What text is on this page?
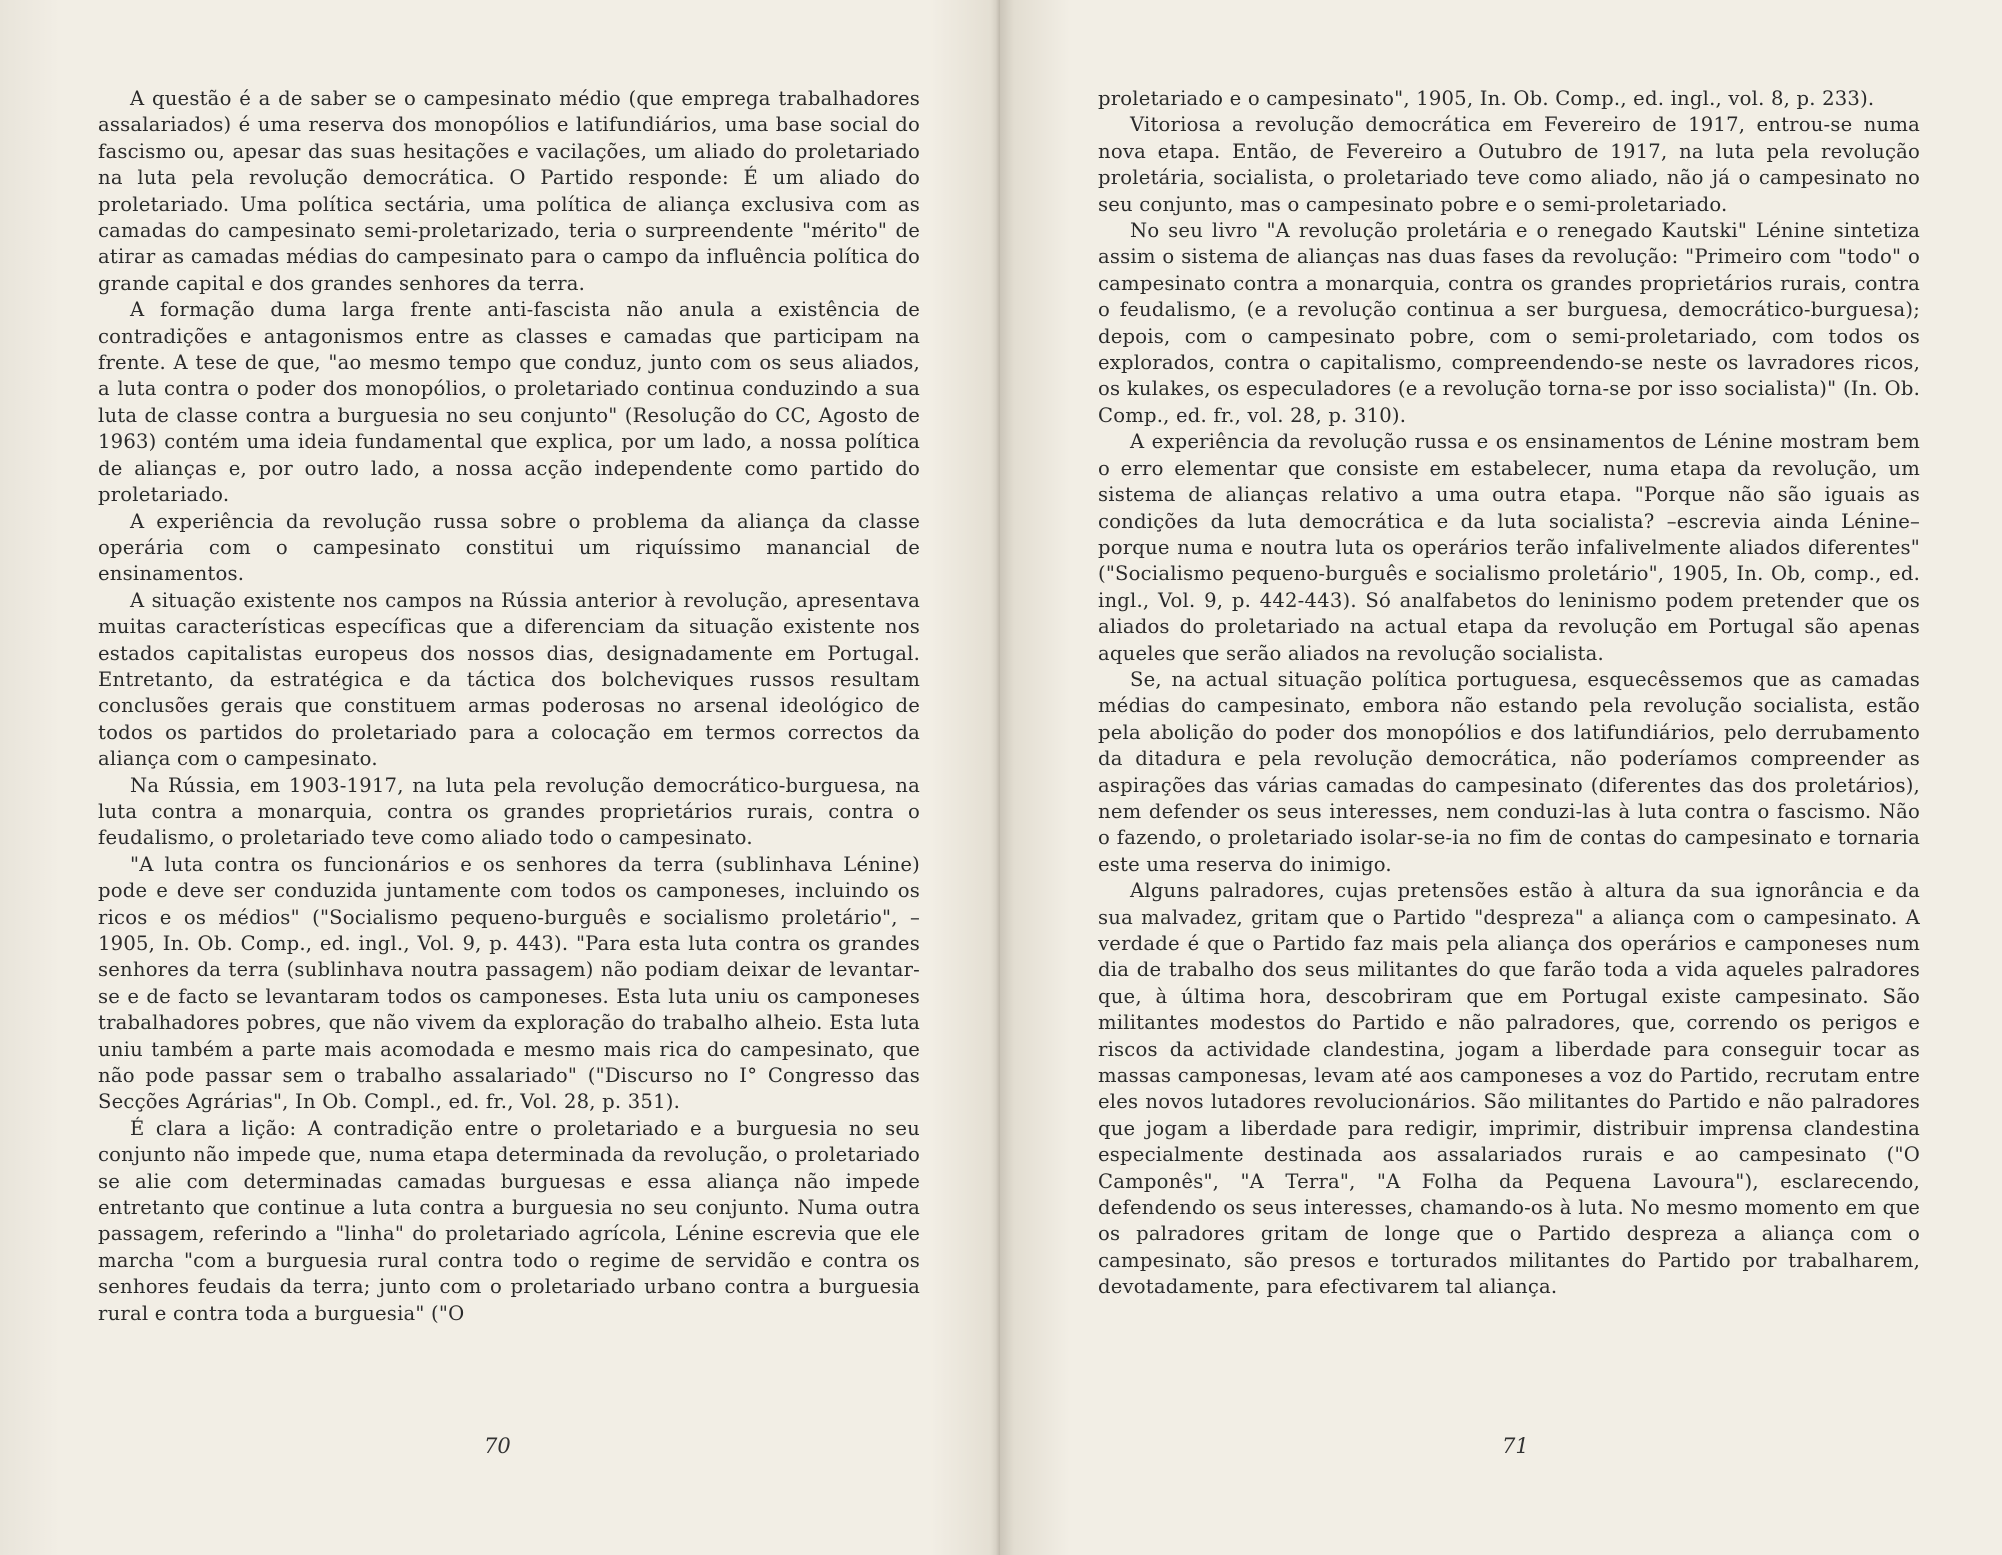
A questão é a de saber se o campesinato médio (que emprega trabalhadores assalariados) é uma reserva dos monopólios e latifundiários, uma base social do fascismo ou, apesar das suas hesitações e vacilações, um aliado do proletariado na luta pela revolução democrática. O Partido responde: É um aliado do proletariado. Uma política sectária, uma política de aliança exclusiva com as camadas do campesinato semi-proletarizado, teria o surpreendente "mérito" de atirar as camadas médias do campesinato para o campo da influência política do grande capital e dos grandes senhores da terra.

A formação duma larga frente anti-fascista não anula a existência de contradições e antagonismos entre as classes e camadas que participam na frente. A tese de que, "ao mesmo tempo que conduz, junto com os seus aliados, a luta contra o poder dos monopólios, o proletariado continua conduzindo a sua luta de classe contra a burguesia no seu conjunto" (Resolução do CC, Agosto de 1963) contém uma ideia fundamental que explica, por um lado, a nossa política de alianças e, por outro lado, a nossa acção independente como partido do proletariado.

A experiência da revolução russa sobre o problema da aliança da classe operária com o campesinato constitui um riquíssimo manancial de ensinamentos.

A situação existente nos campos na Rússia anterior à revolução, apresentava muitas características específicas que a diferenciam da situação existente nos estados capitalistas europeus dos nossos dias, designadamente em Portugal. Entretanto, da estratégica e da táctica dos bolcheviques russos resultam conclusões gerais que constituem armas poderosas no arsenal ideológico de todos os partidos do proletariado para a colocação em termos correctos da aliança com o campesinato.

Na Rússia, em 1903-1917, na luta pela revolução democrático-burguesa, na luta contra a monarquia, contra os grandes proprietários rurais, contra o feudalismo, o proletariado teve como aliado todo o campesinato.

"A luta contra os funcionários e os senhores da terra (sublinhava Lénine) pode e deve ser conduzida juntamente com todos os camponeses, incluindo os ricos e os médios" ("Socialismo pequeno-burguês e socialismo proletário", – 1905, In. Ob. Comp., ed. ingl., Vol. 9, p. 443). "Para esta luta contra os grandes senhores da terra (sublinhava noutra passagem) não podiam deixar de levantar-se e de facto se levantaram todos os camponeses. Esta luta uniu os camponeses trabalhadores pobres, que não vivem da exploração do trabalho alheio. Esta luta uniu também a parte mais acomodada e mesmo mais rica do campesinato, que não pode passar sem o trabalho assalariado" ("Discurso no I° Congresso das Secções Agrárias", In Ob. Compl., ed. fr., Vol. 28, p. 351).

É clara a lição: A contradição entre o proletariado e a burguesia no seu conjunto não impede que, numa etapa determinada da revolução, o proletariado se alie com determinadas camadas burguesas e essa aliança não impede entretanto que continue a luta contra a burguesia no seu conjunto. Numa outra passagem, referindo a "linha" do proletariado agrícola, Lénine escrevia que ele marcha "com a burguesia rural contra todo o regime de servidão e contra os senhores feudais da terra; junto com o proletariado urbano contra a burguesia rural e contra toda a burguesia" ("O

70

proletariado e o campesinato", 1905, In. Ob. Comp., ed. ingl., vol. 8, p. 233).

Vitoriosa a revolução democrática em Fevereiro de 1917, entrou-se numa nova etapa. Então, de Fevereiro a Outubro de 1917, na luta pela revolução proletária, socialista, o proletariado teve como aliado, não já o campesinato no seu conjunto, mas o campesinato pobre e o semi-proletariado.

No seu livro "A revolução proletária e o renegado Kautski" Lénine sintetiza assim o sistema de alianças nas duas fases da revolução: "Primeiro com "todo" o campesinato contra a monarquia, contra os grandes proprietários rurais, contra o feudalismo, (e a revolução continua a ser burguesa, democrático-burguesa); depois, com o campesinato pobre, com o semi-proletariado, com todos os explorados, contra o capitalismo, compreendendo-se neste os lavradores ricos, os kulakes, os especuladores (e a revolução torna-se por isso socialista)" (In. Ob. Comp., ed. fr., vol. 28, p. 310).

A experiência da revolução russa e os ensinamentos de Lénine mostram bem o erro elementar que consiste em estabelecer, numa etapa da revolução, um sistema de alianças relativo a uma outra etapa. "Porque não são iguais as condições da luta democrática e da luta socialista? –escrevia ainda Lénine– porque numa e noutra luta os operários terão infalivelmente aliados diferentes" ("Socialismo pequeno-burguês e socialismo proletário", 1905, In. Ob, comp., ed. ingl., Vol. 9, p. 442-443). Só analfabetos do leninismo podem pretender que os aliados do proletariado na actual etapa da revolução em Portugal são apenas aqueles que serão aliados na revolução socialista.

Se, na actual situação política portuguesa, esquecêssemos que as camadas médias do campesinato, embora não estando pela revolução socialista, estão pela abolição do poder dos monopólios e dos latifundiários, pelo derrubamento da ditadura e pela revolução democrática, não poderíamos compreender as aspirações das várias camadas do campesinato (diferentes das dos proletários), nem defender os seus interesses, nem conduzi-las à luta contra o fascismo. Não o fazendo, o proletariado isolar-se-ia no fim de contas do campesinato e tornaria este uma reserva do inimigo.

Alguns palradores, cujas pretensões estão à altura da sua ignorância e da sua malvadez, gritam que o Partido "despreza" a aliança com o campesinato. A verdade é que o Partido faz mais pela aliança dos operários e camponeses num dia de trabalho dos seus militantes do que farão toda a vida aqueles palradores que, à última hora, descobriram que em Portugal existe campesinato. São militantes modestos do Partido e não palradores, que, correndo os perigos e riscos da actividade clandestina, jogam a liberdade para conseguir tocar as massas camponesas, levam até aos camponeses a voz do Partido, recrutam entre eles novos lutadores revolucionários. São militantes do Partido e não palradores que jogam a liberdade para redigir, imprimir, distribuir imprensa clandestina especialmente destinada aos assalariados rurais e ao campesinato ("O Camponês", "A Terra", "A Folha da Pequena Lavoura"), esclarecendo, defendendo os seus interesses, chamando-os à luta. No mesmo momento em que os palradores gritam de longe que o Partido despreza a aliança com o campesinato, são presos e torturados militantes do Partido por trabalharem, devotadamente, para efectivarem tal aliança.

71
